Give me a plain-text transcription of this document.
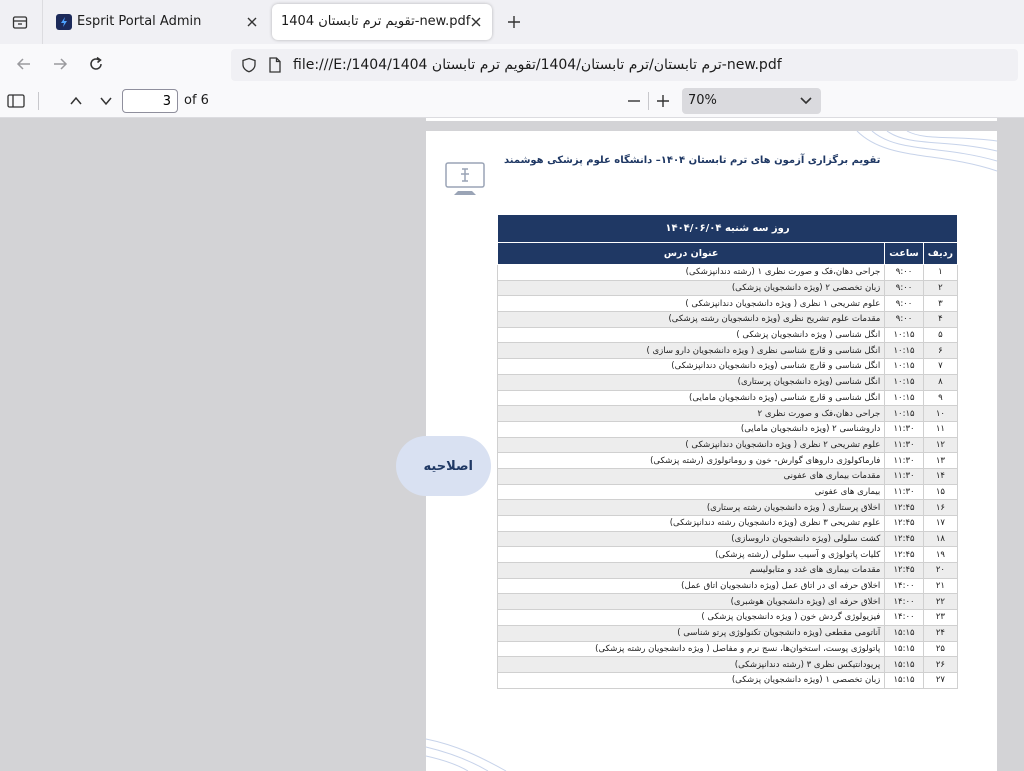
Esprit Portal Admin	تقویم ترم تابستان 1404-new.pdf
file:///E:/1404/ترم تابستان/ترم تابستان/1404/تقویم ترم تابستان 1404-new.pdf
3
of 6	70%
تقویم برگزاری آزمون های ترم تابستان ۱۴۰۴– دانشگاه علوم پزشکی هوشمند
اصلاحیه
روز سه شنبه ۱۴۰۴/۰۶/۰۴		
ردیف	ساعت	عنوان درس
۱	۹:۰۰	جراحی دهان،فک و صورت نظری ۱ (رشته دندانپزشکی)
۲	۹:۰۰	زبان تخصصی ۲ (ویژه دانشجویان پزشکی)
۳	۹:۰۰	علوم تشریحی ۱ نظری ( ویژه دانشجویان دندانپزشکی )
۴	۹:۰۰	مقدمات علوم تشریح نظری (ویژه دانشجویان رشته پزشکی)
۵	۱۰:۱۵	انگل شناسی ( ویژه دانشجویان پزشکی )
۶	۱۰:۱۵	انگل شناسی و قارچ شناسی نظری ( ویژه دانشجویان دارو سازی )
۷	۱۰:۱۵	انگل شناسی و قارچ شناسی (ویژه دانشجویان دندانپزشکی)
۸	۱۰:۱۵	انگل شناسی (ویژه دانشجویان پرستاری)
۹	۱۰:۱۵	انگل شناسی و قارچ شناسی (ویژه دانشجویان مامایی)
۱۰	۱۰:۱۵	جراحی دهان،فک و صورت نظری ۲
۱۱	۱۱:۳۰	داروشناسی ۲ (ویژه دانشجویان مامایی)
۱۲	۱۱:۳۰	علوم تشریحی ۲ نظری ( ویژه دانشجویان دندانپزشکی )
۱۳	۱۱:۳۰	فارماکولوژی داروهای گوارش- خون و روماتولوژی (رشته پزشکی)
۱۴	۱۱:۳۰	مقدمات بیماری های عفونی
۱۵	۱۱:۳۰	بیماری های عفونی
۱۶	۱۲:۴۵	اخلاق پرستاری ( ویژه دانشجویان رشته پرستاری)
۱۷	۱۲:۴۵	علوم تشریحی ۳ نظری (ویژه دانشجویان رشته دندانپزشکی)
۱۸	۱۲:۴۵	کشت سلولی (ویژه دانشجویان داروسازی)
۱۹	۱۲:۴۵	کلیات پاتولوژی و آسیب سلولی (رشته پزشکی)
۲۰	۱۲:۴۵	مقدمات بیماری های غدد و متابولیسم
۲۱	۱۴:۰۰	اخلاق حرفه ای در اتاق عمل (ویژه دانشجویان اتاق عمل)
۲۲	۱۴:۰۰	اخلاق حرفه ای (ویژه دانشجویان هوشبری)
۲۳	۱۴:۰۰	فیزیولوژی گردش خون ( ویژه دانشجویان پزشکی )
۲۴	۱۵:۱۵	آناتومی مقطعی (ویژه دانشجویان تکنولوژی پرتو شناسی )
۲۵	۱۵:۱۵	پاتولوژی پوست، استخوان‌ها، نسج نرم و مفاصل ( ویژه دانشجویان رشته پزشکی)
۲۶	۱۵:۱۵	پریودانتیکس نظری ۳ (رشته دندانپزشکی)
۲۷	۱۵:۱۵	زبان تخصصی ۱ (ویژه دانشجویان پزشکی)
